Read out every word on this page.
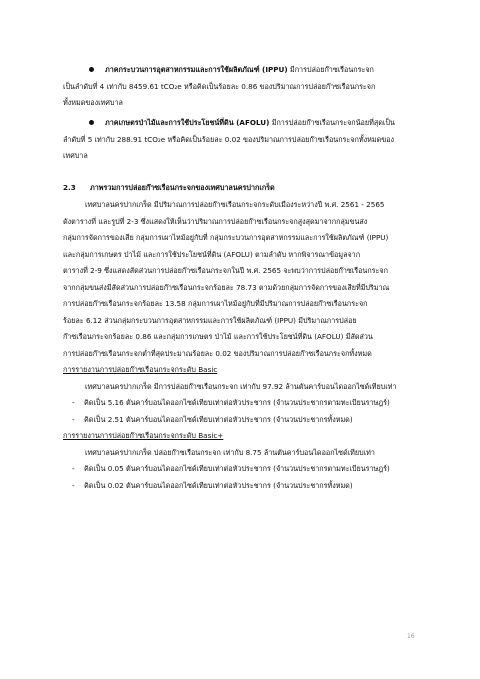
ภาคกระบวนการอุตสาหกรรมและการใช้ผลิตภัณฑ์ (IPPU) มีการปล่อยก๊าซเรือนกระจก
เป็นลำดับที่ 4 เท่ากับ 8459.61 tCO₂e หรือคิดเป็นร้อยละ 0.86 ของปริมาณการปล่อยก๊าซเรือนกระจก
ทั้งหมดของเทศบาล
ภาคเกษตรป่าไม้และการใช้ประโยชน์ที่ดิน (AFOLU) มีการปล่อยก๊าซเรือนกระจกน้อยที่สุดเป็น
ลำดับที่ 5 เท่ากับ 288.91 tCO₂e หรือคิดเป็นร้อยละ 0.02 ของปริมาณการปล่อยก๊าซเรือนกระจกทั้งหมดของ
เทศบาล
2.3 ภาพรวมการปล่อยก๊าซเรือนกระจกของเทศบาลนครปากเกร็ด
เทศบาลนครปากเกร็ด มีปริมาณการปล่อยก๊าซเรือนกระจกระดับเมืองระหว่างปี พ.ศ. 2561 - 2565
ดังตารางที่ และรูปที่ 2-3 ซึ่งแสดงให้เห็นว่าปริมาณการปล่อยก๊าซเรือนกระจกสูงสุดมาจากกลุ่มขนส่ง
กลุ่มการจัดการของเสีย กลุ่มการเผาไหม้อยู่กับที่ กลุ่มกระบวนการอุตสาหกรรมและการใช้ผลิตภัณฑ์ (IPPU)
และกลุ่มการเกษตร ป่าไม้ และการใช้ประโยชน์ที่ดิน (AFOLU) ตามลำดับ หากพิจารณาข้อมูลจาก
ตารางที่ 2-9 ซึ่งแสดงสัดส่วนการปล่อยก๊าซเรือนกระจกในปี พ.ศ. 2565 จะพบว่าการปล่อยก๊าซเรือนกระจก
จากกลุ่มขนส่งมีสัดส่วนการปล่อยก๊าซเรือนกระจกร้อยละ 78.73 ตามด้วยกลุ่มการจัดการของเสียที่มีปริมาณ
การปล่อยก๊าซเรือนกระจกร้อยละ 13.58 กลุ่มการเผาไหม้อยู่กับที่มีปริมาณการปล่อยก๊าซเรือนกระจก
ร้อยละ 6.12 ส่วนกลุ่มกระบวนการอุตสาหกรรมและการใช้ผลิตภัณฑ์ (IPPU) มีปริมาณการปล่อย
ก๊าซเรือนกระจกร้อยละ 0.86 และกลุ่มการเกษตร ป่าไม้ และการใช้ประโยชน์ที่ดิน (AFOLU) มีสัดส่วน
การปล่อยก๊าซเรือนกระจกต่ำที่สุดประมาณร้อยละ 0.02 ของปริมาณการปล่อยก๊าซเรือนกระจกทั้งหมด
การรายงานการปล่อยก๊าซเรือนกระจกระดับ Basic
เทศบาลนครปากเกร็ด มีการปล่อยก๊าซเรือนกระจก เท่ากับ 97.92 ล้านตันคาร์บอนไดออกไซด์เทียบเท่า
- คิดเป็น 5.16 ตันคาร์บอนไดออกไซด์เทียบเท่าต่อหัวประชากร (จำนวนประชากรตามทะเบียนราษฎร์)
- คิดเป็น 2.51 ตันคาร์บอนไดออกไซด์เทียบเท่าต่อหัวประชากร (จำนวนประชากรทั้งหมด)
การรายงานการปล่อยก๊าซเรือนกระจกระดับ Basic+
เทศบาลนครปากเกร็ด ปล่อยก๊าซเรือนกระจก เท่ากับ 8.75 ล้านตันคาร์บอนไดออกไซด์เทียบเท่า
- คิดเป็น 0.05 ตันคาร์บอนไดออกไซด์เทียบเท่าต่อหัวประชากร (จำนวนประชากรตามทะเบียนราษฎร์)
- คิดเป็น 0.02 ตันคาร์บอนไดออกไซด์เทียบเท่าต่อหัวประชากร (จำนวนประชากรทั้งหมด)
16
